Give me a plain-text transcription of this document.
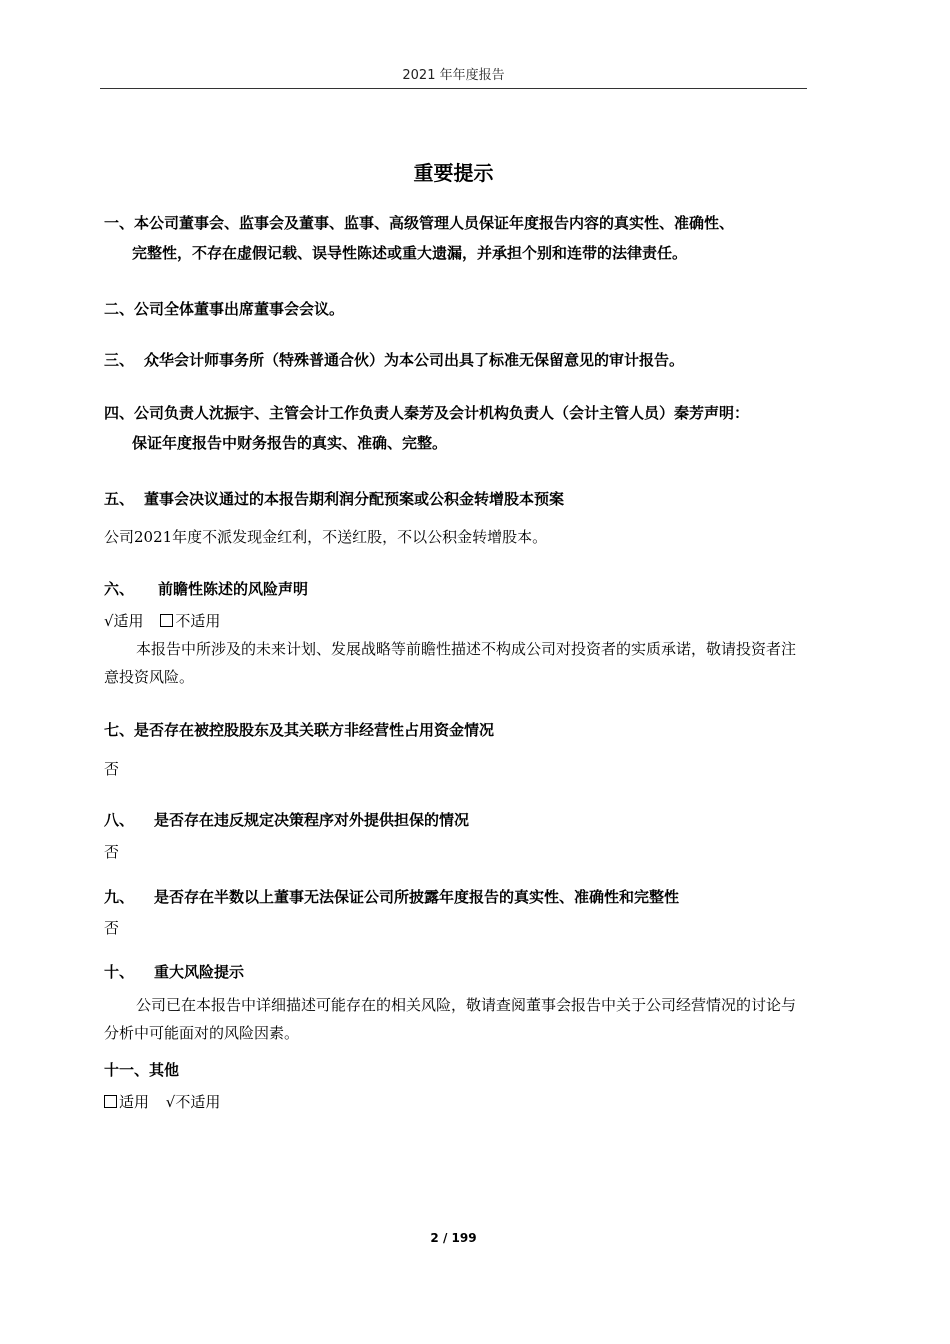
2021 年年度报告
重要提示
一、本公司董事会、监事会及董事、监事、高级管理人员保证年度报告内容的真实性、准确性、
完整性，不存在虚假记载、误导性陈述或重大遗漏，并承担个别和连带的法律责任。
二、公司全体董事出席董事会会议。
三、 众华会计师事务所（特殊普通合伙）为本公司出具了标准无保留意见的审计报告。
四、公司负责人沈振宇、主管会计工作负责人秦芳及会计机构负责人（会计主管人员）秦芳声明：
保证年度报告中财务报告的真实、准确、完整。
五、 董事会决议通过的本报告期利润分配预案或公积金转增股本预案
公司2021年度不派发现金红利，不送红股，不以公积金转增股本。
六、 前瞻性陈述的风险声明
√适用 不适用
本报告中所涉及的未来计划、发展战略等前瞻性描述不构成公司对投资者的实质承诺，敬请投资者注意投资风险。
七、是否存在被控股股东及其关联方非经营性占用资金情况
否
八、 是否存在违反规定决策程序对外提供担保的情况
否
九、 是否存在半数以上董事无法保证公司所披露年度报告的真实性、准确性和完整性
否
十、 重大风险提示
公司已在本报告中详细描述可能存在的相关风险，敬请查阅董事会报告中关于公司经营情况的讨论与分析中可能面对的风险因素。
十一、其他
适用 √不适用
2 / 199
